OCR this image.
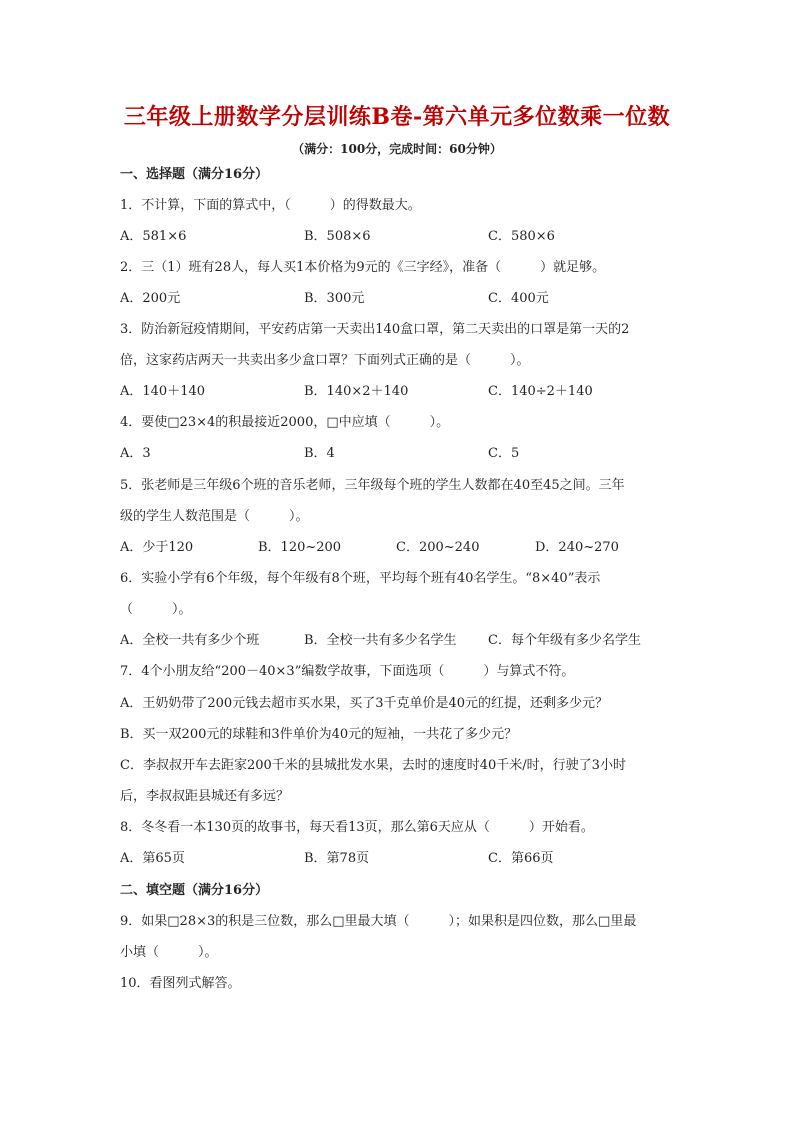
三年级上册数学分层训练B卷-第六单元多位数乘一位数
（满分：100分，完成时间：60分钟）
一、选择题（满分16分）
1．不计算，下面的算式中，（　　　）的得数最大。
A．581×6	B．508×6	C．580×6
2．三（1）班有28人，每人买1本价格为9元的《三字经》，准备（　　　）就足够。
A．200元	B．300元	C．400元
3．防治新冠疫情期间，平安药店第一天卖出140盒口罩，第二天卖出的口罩是第一天的2
倍，这家药店两天一共卖出多少盒口罩？下面列式正确的是（　　　）。
A．140＋140	B．140×2＋140	C．140÷2＋140
4．要使□23×4的积最接近2000，□中应填（　　　）。
A．3	B．4	C．5
5．张老师是三年级6个班的音乐老师，三年级每个班的学生人数都在40至45之间。三年
级的学生人数范围是（　　　）。
A．少于120	B．120~200	C．200~240	D．240~270
6．实验小学有6个年级，每个年级有8个班，平均每个班有40名学生。“8×40”表示
（　　　）。
A．全校一共有多少个班	B．全校一共有多少名学生 C．每个年级有多少名学生
7．4个小朋友给“200－40×3”编数学故事，下面选项（　　　）与算式不符。
A．王奶奶带了200元钱去超市买水果，买了3千克单价是40元的红提，还剩多少元？
B．买一双200元的球鞋和3件单价为40元的短袖，一共花了多少元？
C．李叔叔开车去距家200千米的县城批发水果，去时的速度时40千米/时，行驶了3小时
后，李叔叔距县城还有多远？
8．冬冬看一本130页的故事书，每天看13页，那么第6天应从（　　　）开始看。
A．第65页	B．第78页	C．第66页
二、填空题（满分16分）
9．如果□28×3的积是三位数，那么□里最大填（　　　）；如果积是四位数，那么□里最
小填（　　　）。
10．看图列式解答。
